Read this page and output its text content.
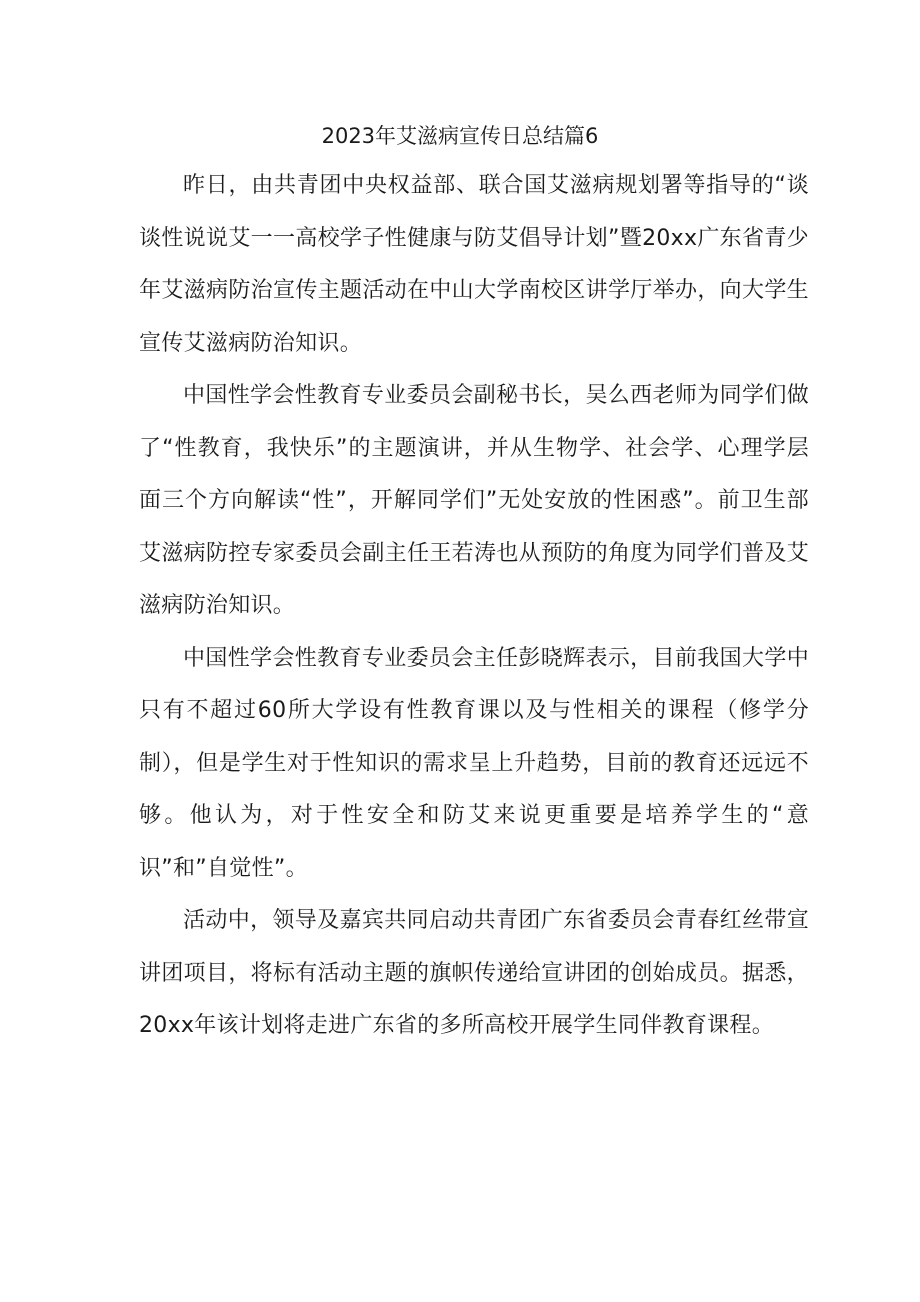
2023年艾滋病宣传日总结篇6

昨日，由共青团中央权益部、联合国艾滋病规划署等指导的“谈谈性说说艾一一高校学子性健康与防艾倡导计划”暨20xx广东省青少年艾滋病防治宣传主题活动在中山大学南校区讲学厅举办，向大学生宣传艾滋病防治知识。

中国性学会性教育专业委员会副秘书长，吴么西老师为同学们做了“性教育，我快乐”的主题演讲，并从生物学、社会学、心理学层面三个方向解读“性”，开解同学们”无处安放的性困惑”。前卫生部艾滋病防控专家委员会副主任王若涛也从预防的角度为同学们普及艾滋病防治知识。

中国性学会性教育专业委员会主任彭晓辉表示，目前我国大学中只有不超过60所大学设有性教育课以及与性相关的课程（修学分制），但是学生对于性知识的需求呈上升趋势，目前的教育还远远不够。他认为，对于性安全和防艾来说更重要是培养学生的“意识”和”自觉性”。

活动中，领导及嘉宾共同启动共青团广东省委员会青春红丝带宣讲团项目，将标有活动主题的旗帜传递给宣讲团的创始成员。据悉，20xx年该计划将走进广东省的多所高校开展学生同伴教育课程。
